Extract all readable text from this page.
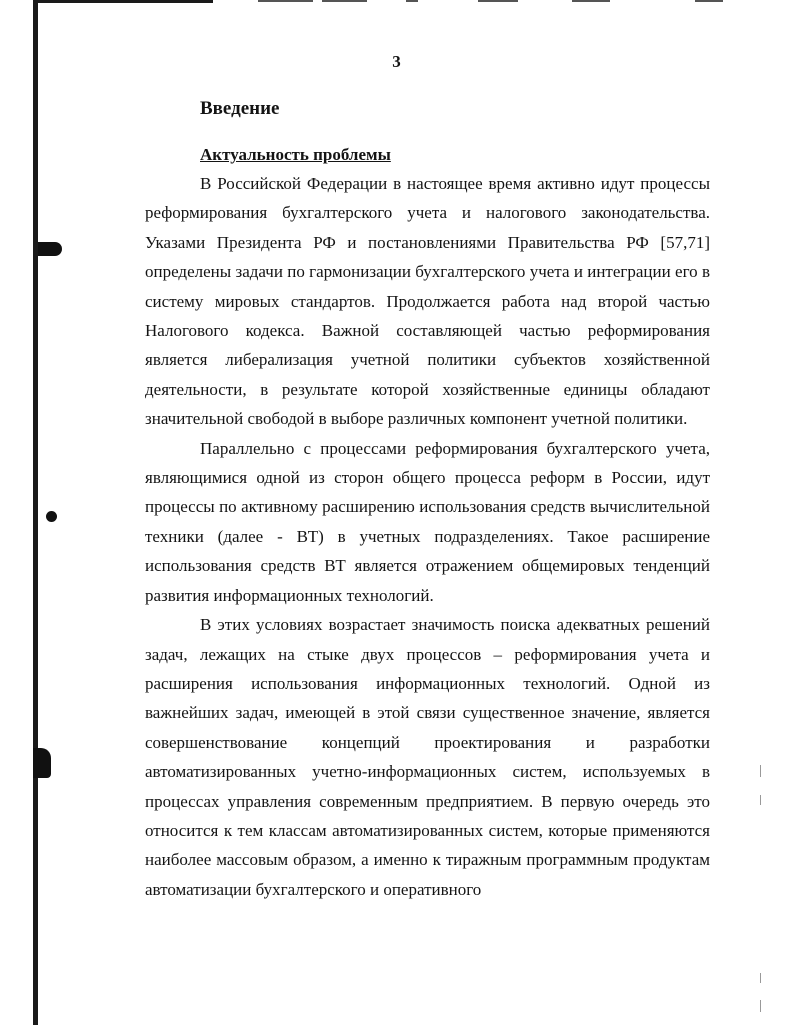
3
Введение
Актуальность проблемы

В Российской Федерации в настоящее время активно идут процессы реформирования бухгалтерского учета и налогового законодательства. Указами Президента РФ и постановлениями Правительства РФ [57,71] определены задачи по гармонизации бухгалтерского учета и интеграции его в систему мировых стандартов. Продолжается работа над второй частью Налогового кодекса. Важной составляющей частью реформирования является либерализация учетной политики субъектов хозяйственной деятельности, в результате которой хозяйственные единицы обладают значительной свободой в выборе различных компонент учетной политики.

Параллельно с процессами реформирования бухгалтерского учета, являющимися одной из сторон общего процесса реформ в России, идут процессы по активному расширению использования средств вычислительной техники (далее - ВТ) в учетных подразделениях. Такое расширение использования средств ВТ является отражением общемировых тенденций развития информационных технологий.

В этих условиях возрастает значимость поиска адекватных решений задач, лежащих на стыке двух процессов – реформирования учета и расширения использования информационных технологий. Одной из важнейших задач, имеющей в этой связи существенное значение, является совершенствование концепций проектирования и разработки автоматизированных учетно-информационных систем, используемых в процессах управления современным предприятием. В первую очередь это относится к тем классам автоматизированных систем, которые применяются наиболее массовым образом, а именно к тиражным программным продуктам автоматизации бухгалтерского и оперативного
